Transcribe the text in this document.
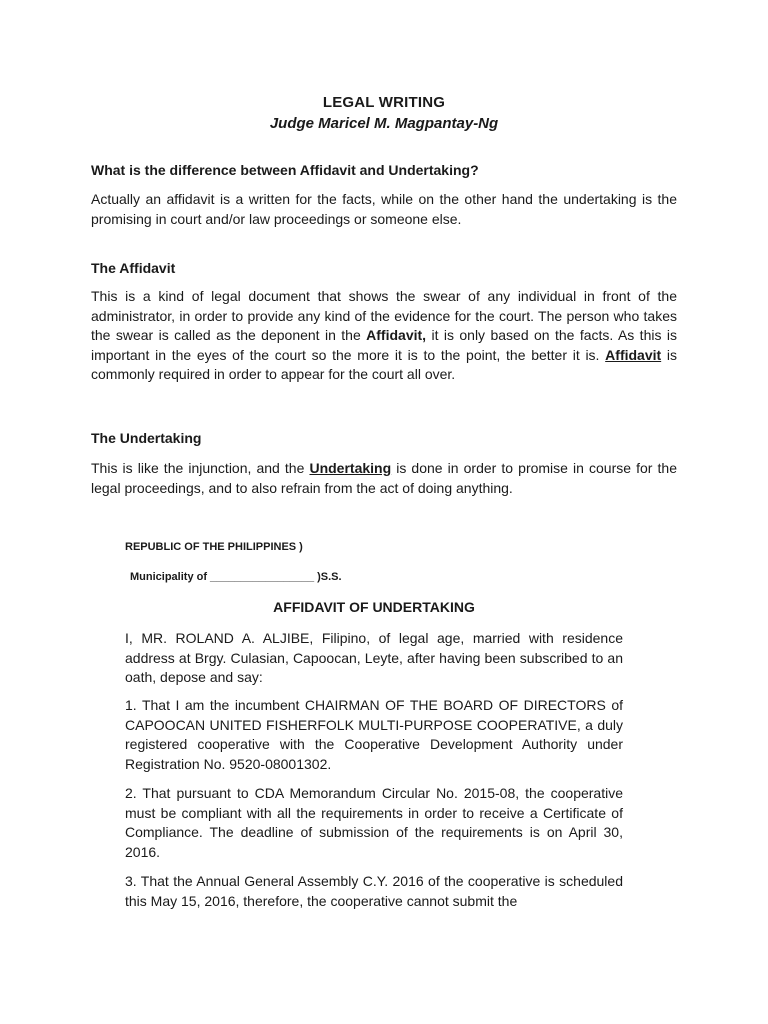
LEGAL WRITING
Judge Maricel M. Magpantay-Ng
What is the difference between Affidavit and Undertaking?
Actually an affidavit is a written for the facts, while on the other hand the undertaking is the promising in court and/or law proceedings or someone else.
The Affidavit
This is a kind of legal document that shows the swear of any individual in front of the administrator, in order to provide any kind of the evidence for the court. The person who takes the swear is called as the deponent in the Affidavit, it is only based on the facts. As this is important in the eyes of the court so the more it is to the point, the better it is. Affidavit is commonly required in order to appear for the court all over.
The Undertaking
This is like the injunction, and the Undertaking is done in order to promise in course for the legal proceedings, and to also refrain from the act of doing anything.
REPUBLIC OF THE PHILIPPINES )
Municipality of _________________ )S.S.
AFFIDAVIT OF UNDERTAKING
I, MR. ROLAND A. ALJIBE, Filipino, of legal age, married with residence address at Brgy. Culasian, Capoocan, Leyte, after having been subscribed to an oath, depose and say:
1. That I am the incumbent CHAIRMAN OF THE BOARD OF DIRECTORS of CAPOOCAN UNITED FISHERFOLK MULTI-PURPOSE COOPERATIVE, a duly registered cooperative with the Cooperative Development Authority under Registration No. 9520-08001302.
2. That pursuant to CDA Memorandum Circular No. 2015-08, the cooperative must be compliant with all the requirements in order to receive a Certificate of Compliance. The deadline of submission of the requirements is on April 30, 2016.
3. That the Annual General Assembly C.Y. 2016 of the cooperative is scheduled this May 15, 2016, therefore, the cooperative cannot submit the
